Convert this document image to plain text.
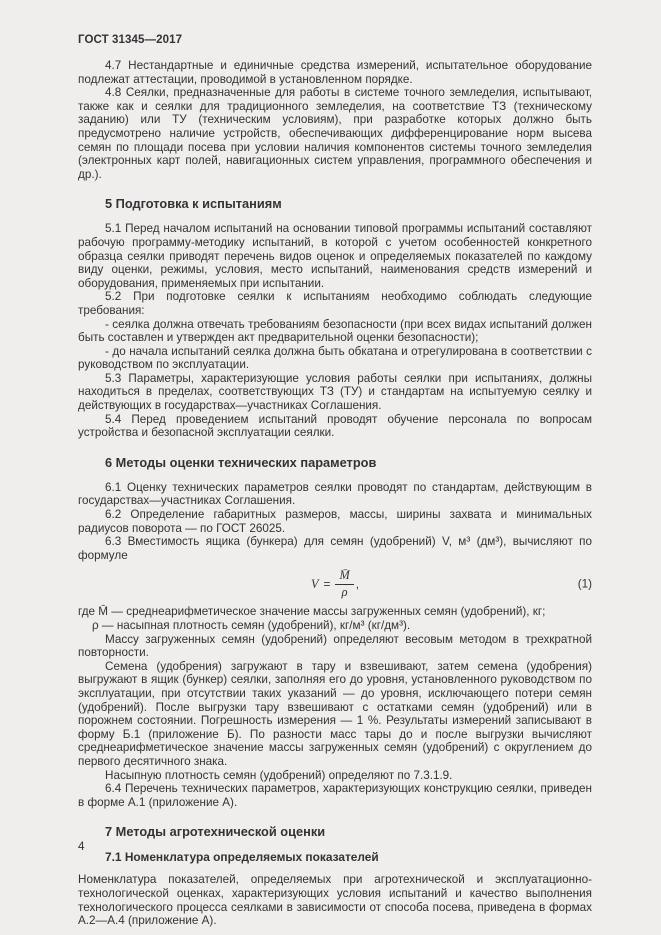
ГОСТ 31345—2017

4.7 Нестандартные и единичные средства измерений, испытательное оборудование подлежат аттестации, проводимой в установленном порядке.

4.8 Сеялки, предназначенные для работы в системе точного земледелия, испытывают, также как и сеялки для традиционного земледелия, на соответствие ТЗ (техническому заданию) или ТУ (техническим условиям), при разработке которых должно быть предусмотрено наличие устройств, обеспечивающих дифференцирование норм высева семян по площади посева при условии наличия компонентов системы точного земледелия (электронных карт полей, навигационных систем управления, программного обеспечения и др.).

5 Подготовка к испытаниям

5.1 Перед началом испытаний на основании типовой программы испытаний составляют рабочую программу-методику испытаний, в которой с учетом особенностей конкретного образца сеялки приводят перечень видов оценок и определяемых показателей по каждому виду оценки, режимы, условия, место испытаний, наименования средств измерений и оборудования, применяемых при испытании.

5.2 При подготовке сеялки к испытаниям необходимо соблюдать следующие требования:

- сеялка должна отвечать требованиям безопасности (при всех видах испытаний должен быть составлен и утвержден акт предварительной оценки безопасности);

- до начала испытаний сеялка должна быть обкатана и отрегулирована в соответствии с руководством по эксплуатации.

5.3 Параметры, характеризующие условия работы сеялки при испытаниях, должны находиться в пределах, соответствующих ТЗ (ТУ) и стандартам на испытуемую сеялку и действующих в государствах—участниках Соглашения.

5.4 Перед проведением испытаний проводят обучение персонала по вопросам устройства и безопасной эксплуатации сеялки.

6 Методы оценки технических параметров

6.1 Оценку технических параметров сеялки проводят по стандартам, действующим в государствах—участниках Соглашения.

6.2 Определение габаритных размеров, массы, ширины захвата и минимальных радиусов поворота — по ГОСТ 26025.

6.3 Вместимость ящика (бункера) для семян (удобрений) V, м³ (дм³), вычисляют по формуле

$V = \frac{M̄}{\rho}$ ,	(1)

где M̄ — среднеарифметическое значение массы загруженных семян (удобрений), кг;

ρ — насыпная плотность семян (удобрений), кг/м³ (кг/дм³).

Массу загруженных семян (удобрений) определяют весовым методом в трехкратной повторности.

Семена (удобрения) загружают в тару и взвешивают, затем семена (удобрения) выгружают в ящик (бункер) сеялки, заполняя его до уровня, установленного руководством по эксплуатации, при отсутствии таких указаний — до уровня, исключающего потери семян (удобрений). После выгрузки тару взвешивают с остатками семян (удобрений) или в порожнем состоянии. Погрешность измерения — 1 %. Результаты измерений записывают в форму Б.1 (приложение Б). По разности масс тары до и после выгрузки вычисляют среднеарифметическое значение массы загруженных семян (удобрений) с округлением до первого десятичного знака.

Насыпную плотность семян (удобрений) определяют по 7.3.1.9.

6.4 Перечень технических параметров, характеризующих конструкцию сеялки, приведен в форме А.1 (приложение А).

7 Методы агротехнической оценки
7.1 Номенклатура определяемых показателей

Номенклатура показателей, определяемых при агротехнической и эксплуатационно-технологической оценках, характеризующих условия испытаний и качество выполнения технологического процесса сеялками в зависимости от способа посева, приведена в формах А.2—А.4 (приложение А).

4
